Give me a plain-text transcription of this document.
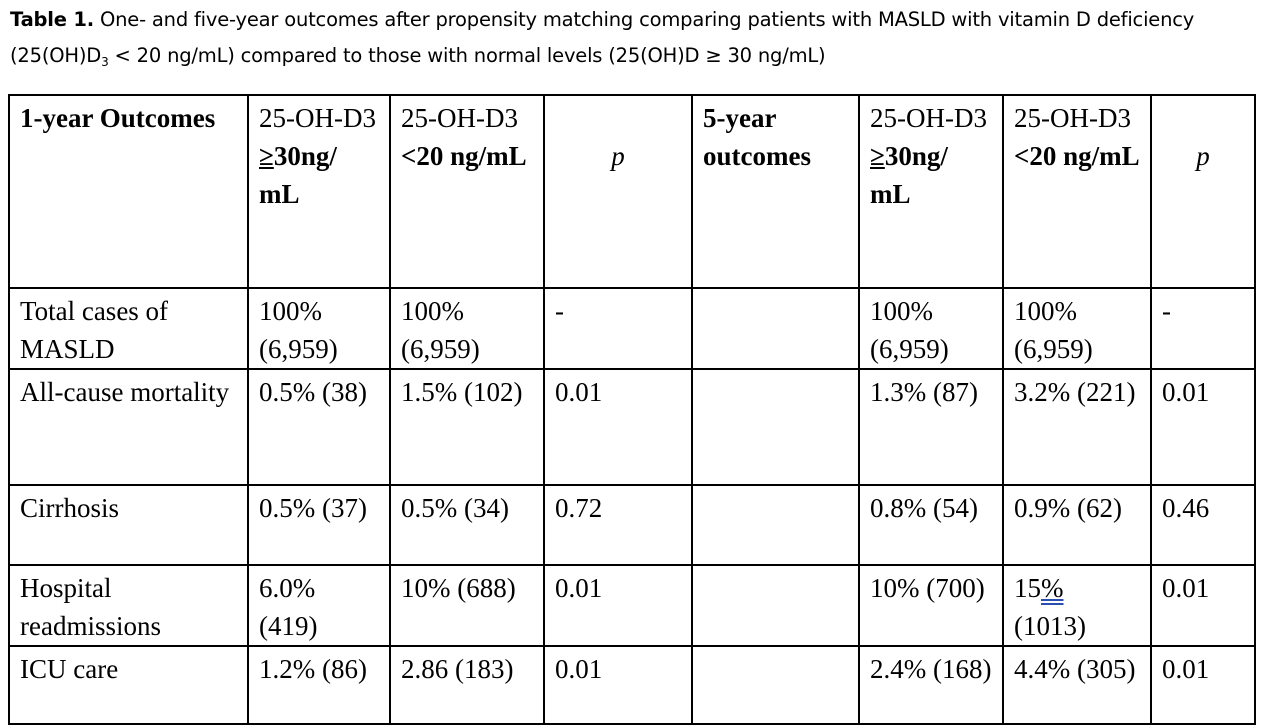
Table 1. One- and five-year outcomes after propensity matching comparing patients with MASLD with vitamin D deficiency ($25(OH)D_3 < 20$ ng/mL) compared to those with normal levels (25(OH)D ≥ 30 ng/mL)
1-year Outcomes	25-OH-D3 ≥30ng/ mL	25-OH-D3 <20 ng/mL	p	5-year outcomes	25-OH-D3 ≥30ng/ mL	25-OH-D3 <20 ng/mL	p
Total cases of MASLD	100% (6,959)	100% (6,959)	-		100% (6,959)	100% (6,959)	-
All-cause mortality	0.5% (38)	1.5% (102)	0.01		1.3% (87)	3.2% (221)	0.01
Cirrhosis	0.5% (37)	0.5% (34)	0.72		0.8% (54)	0.9% (62)	0.46
Hospital readmissions	6.0% (419)	10% (688)	0.01		10% (700)	15% (1013)	0.01
ICU care	1.2% (86)	2.86 (183)	0.01		2.4% (168)	4.4% (305)	0.01
